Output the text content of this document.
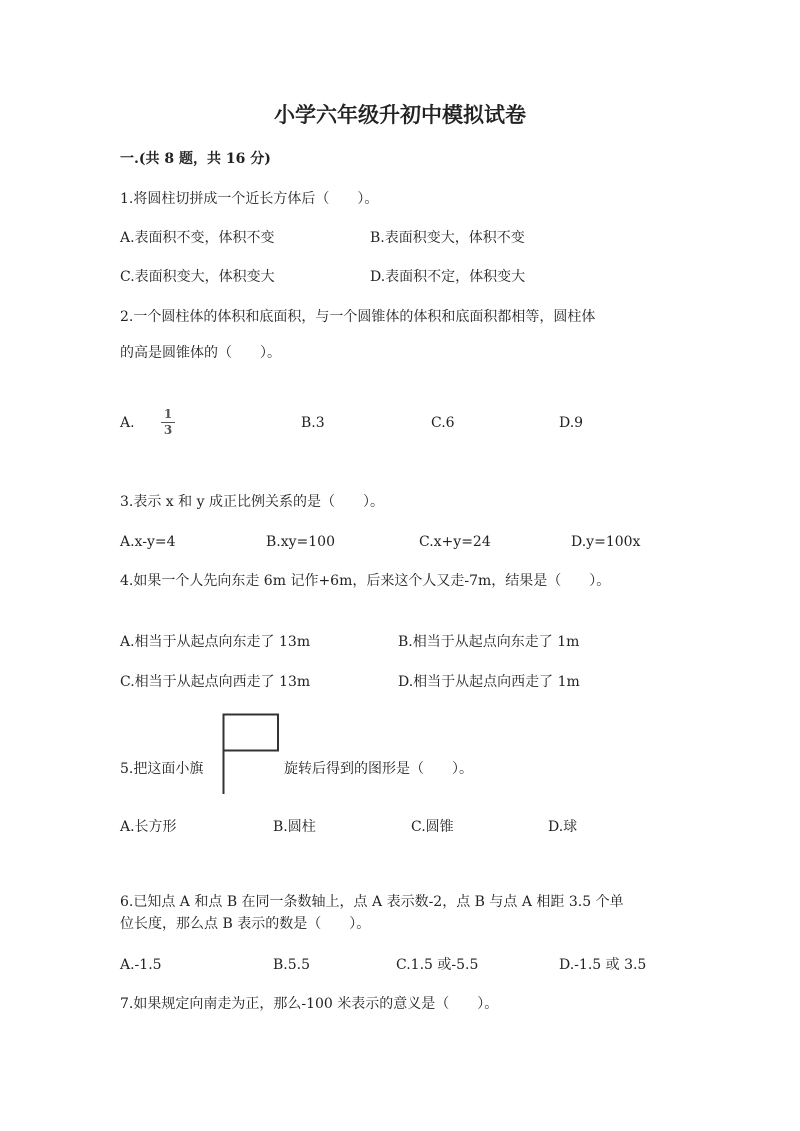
小学六年级升初中模拟试卷
一.(共 8 题，共 16 分)
1.将圆柱切拼成一个近长方体后（　　）。
A.表面积不变，体积不变	B.表面积变大，体积不变
C.表面积变大，体积变大	D.表面积不定，体积变大
2.一个圆柱体的体积和底面积，与一个圆锥体的体积和底面积都相等，圆柱体
的高是圆锥体的（　　）。
A.
1
3	B.3	C.6	D.9
3.表示 x 和 y 成正比例关系的是（　　）。
A.x-y=4	B.xy=100	C.x+y=24	D.y=100x
4.如果一个人先向东走 6m 记作+6m，后来这个人又走-7m，结果是（　　）。
A.相当于从起点向东走了 13m	B.相当于从起点向东走了 1m
C.相当于从起点向西走了 13m	D.相当于从起点向西走了 1m
5.把这面小旗	旋转后得到的图形是（　　）。
A.长方形	B.圆柱	C.圆锥	D.球
6.已知点 A 和点 B 在同一条数轴上，点 A 表示数-2，点 B 与点 A 相距 3.5 个单
位长度，那么点 B 表示的数是（　　）。
A.-1.5	B.5.5	C.1.5 或-5.5	D.-1.5 或 3.5
7.如果规定向南走为正，那么-100 米表示的意义是（　　）。
